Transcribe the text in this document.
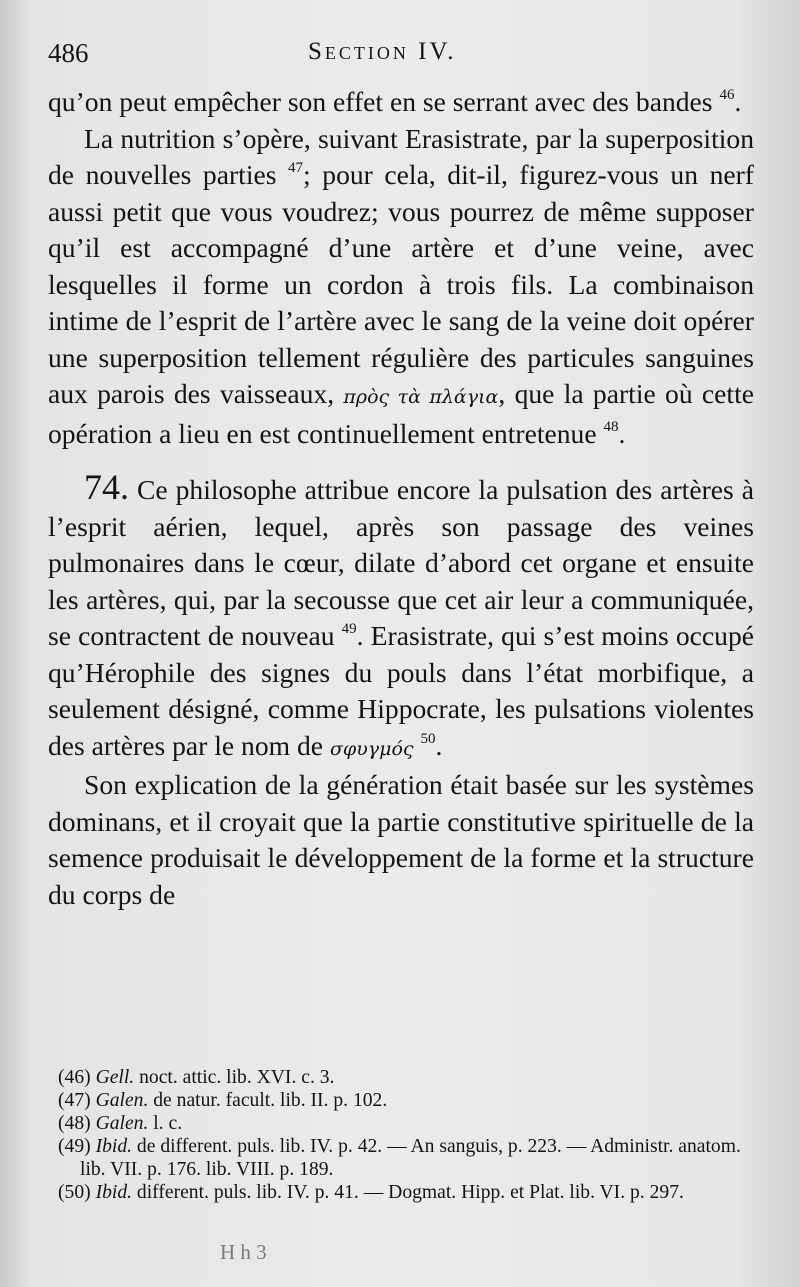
486	Section IV.

qu’on peut empêcher son effet en se serrant avec des bandes $^{46}$.

La nutrition s’opère, suivant Erasistrate, par la superposition de nouvelles parties $^{47}$; pour cela, dit-il, figurez-vous un nerf aussi petit que vous voudrez; vous pourrez de même supposer qu’il est accompagné d’une artère et d’une veine, avec lesquelles il forme un cordon à trois fils. La combinaison intime de l’esprit de l’artère avec le sang de la veine doit opérer une superposition tellement régulière des particules sanguines aux parois des vaisseaux, πρὸς τὰ πλάγια, que la partie où cette opération a lieu en est continuellement entretenue $^{48}$.

74. Ce philosophe attribue encore la pulsation des artères à l’esprit aérien, lequel, après son passage des veines pulmonaires dans le cœur, dilate d’abord cet organe et ensuite les artères, qui, par la secousse que cet air leur a communiquée, se contractent de nouveau $^{49}$. Erasistrate, qui s’est moins occupé qu’Hérophile des signes du pouls dans l’état morbifique, a seulement désigné, comme Hippocrate, les pulsations violentes des artères par le nom de σφυγμός $^{50}$.

Son explication de la génération était basée sur les systèmes dominans, et il croyait que la partie constitutive spirituelle de la semence produisait le développement de la forme et la structure du corps de

(46) Gell. noct. attic. lib. XVI. c. 3.

(47) Galen. de natur. facult. lib. II. p. 102.

(48) Galen. l. c.

(49) Ibid. de different. puls. lib. IV. p. 42. — An sanguis, p. 223. — Administr. anatom. lib. VII. p. 176. lib. VIII. p. 189.

(50) Ibid. different. puls. lib. IV. p. 41. — Dogmat. Hipp. et Plat. lib. VI. p. 297.

H h 3
